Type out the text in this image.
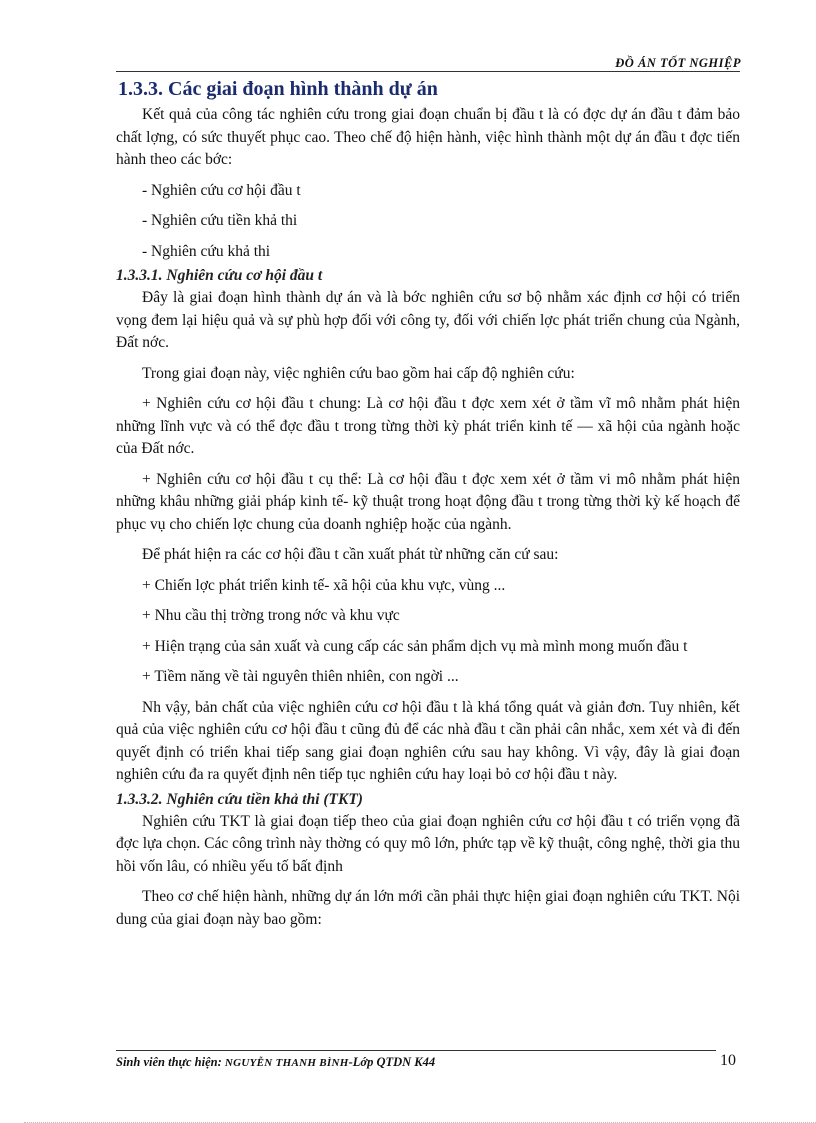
ĐỒ ÁN TỐT NGHIỆP
1.3.3. Các giai đoạn hình thành dự án

Kết quả của công tác nghiên cứu trong giai đoạn chuẩn bị đầu t là có đợc dự án đầu t đảm bảo chất lợng, có sức thuyết phục cao. Theo chế độ hiện hành, việc hình thành một dự án đầu t đợc tiến hành theo các bớc:

- Nghiên cứu cơ hội đầu t

- Nghiên cứu tiền khả thi

- Nghiên cứu khả thi

1.3.3.1. Nghiên cứu cơ hội đầu t

Đây là giai đoạn hình thành dự án và là bớc nghiên cứu sơ bộ nhằm xác định cơ hội có triển vọng đem lại hiệu quả và sự phù hợp đối với công ty, đối với chiến lợc phát triển chung của Ngành, Đất nớc.

Trong giai đoạn này, việc nghiên cứu bao gồm hai cấp độ nghiên cứu:

+ Nghiên cứu cơ hội đầu t chung: Là cơ hội đầu t đợc xem xét ở tầm vĩ mô nhằm phát hiện những lĩnh vực và có thể đợc đầu t trong từng thời kỳ phát triển kinh tế — xã hội của ngành hoặc của Đất nớc.

+ Nghiên cứu cơ hội đầu t cụ thể: Là cơ hội đầu t đợc xem xét ở tầm vi mô nhằm phát hiện những khâu những giải pháp kinh tế- kỹ thuật trong hoạt động đầu t trong từng thời kỳ kế hoạch để phục vụ cho chiến lợc chung của doanh nghiệp hoặc của ngành.

Để phát hiện ra các cơ hội đầu t cần xuất phát từ những căn cứ sau:

+ Chiến lợc phát triển kinh tế- xã hội của khu vực, vùng ...

+ Nhu cầu thị trờng trong nớc và khu vực

+ Hiện trạng của sản xuất và cung cấp các sản phẩm dịch vụ mà mình mong muốn đầu t

+ Tiềm năng về tài nguyên thiên nhiên, con ngời ...

Nh vậy, bản chất của việc nghiên cứu cơ hội đầu t là khá tổng quát và giản đơn. Tuy nhiên, kết quả của việc nghiên cứu cơ hội đầu t cũng đủ để các nhà đầu t cần phải cân nhắc, xem xét và đi đến quyết định có triển khai tiếp sang giai đoạn nghiên cứu sau hay không. Vì vậy, đây là giai đoạn nghiên cứu đa ra quyết định nên tiếp tục nghiên cứu hay loại bỏ cơ hội đầu t này.

1.3.3.2. Nghiên cứu tiền khả thi (TKT)

Nghiên cứu TKT là giai đoạn tiếp theo của giai đoạn nghiên cứu cơ hội đầu t có triển vọng đã đợc lựa chọn. Các công trình này thờng có quy mô lớn, phức tạp về kỹ thuật, công nghệ, thời gia thu hồi vốn lâu, có nhiều yếu tố bất định

Theo cơ chế hiện hành, những dự án lớn mới cần phải thực hiện giai đoạn nghiên cứu TKT. Nội dung của giai đoạn này bao gồm:

Sinh viên thực hiện: NGUYỄN THANH BÌNH-Lớp QTDN K44	10
